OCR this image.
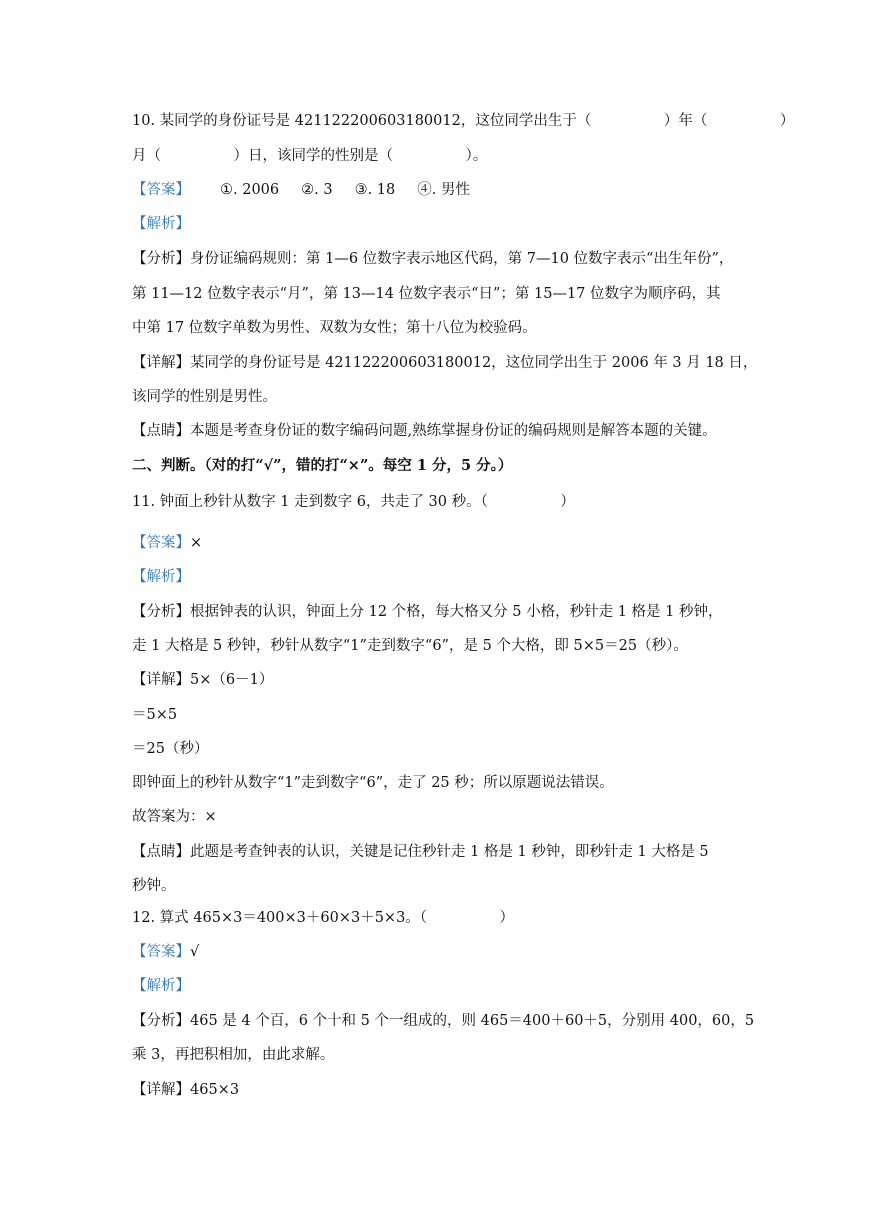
10. 某同学的身份证号是 421122200603180012，这位同学出生于（　　　　　）年（　　　　　）
月（　　　　　）日，该同学的性别是（　　　　　）。
【答案】 ①. 2006 ②. 3 ③. 18 ④. 男性
【解析】
【分析】身份证编码规则：第 1—6 位数字表示地区代码，第 7—10 位数字表示“出生年份”，
第 11—12 位数字表示“月”，第 13—14 位数字表示“日”；第 15—17 位数字为顺序码，其
中第 17 位数字单数为男性、双数为女性；第十八位为校验码。
【详解】某同学的身份证号是 421122200603180012，这位同学出生于 2006 年 3 月 18 日，
该同学的性别是男性。
【点睛】本题是考查身份证的数字编码问题,熟练掌握身份证的编码规则是解答本题的关键。
二、判断。（对的打“√”，错的打“×”。每空 1 分，5 分。）
11. 钟面上秒针从数字 1 走到数字 6，共走了 30 秒。（　　　　　）
【答案】×
【解析】
【分析】根据钟表的认识，钟面上分 12 个格，每大格又分 5 小格，秒针走 1 格是 1 秒钟，
走 1 大格是 5 秒钟，秒针从数字“1”走到数字“6”，是 5 个大格，即 5×5＝25（秒）。
【详解】5×（6－1）
＝5×5
＝25（秒）
即钟面上的秒针从数字“1”走到数字“6”，走了 25 秒；所以原题说法错误。
故答案为：×
【点睛】此题是考查钟表的认识，关键是记住秒针走 1 格是 1 秒钟，即秒针走 1 大格是 5
秒钟。
12. 算式 465×3＝400×3＋60×3＋5×3。（　　　　　）
【答案】√
【解析】
【分析】465 是 4 个百，6 个十和 5 个一组成的，则 465＝400＋60＋5，分别用 400，60，5
乘 3，再把积相加，由此求解。
【详解】465×3
